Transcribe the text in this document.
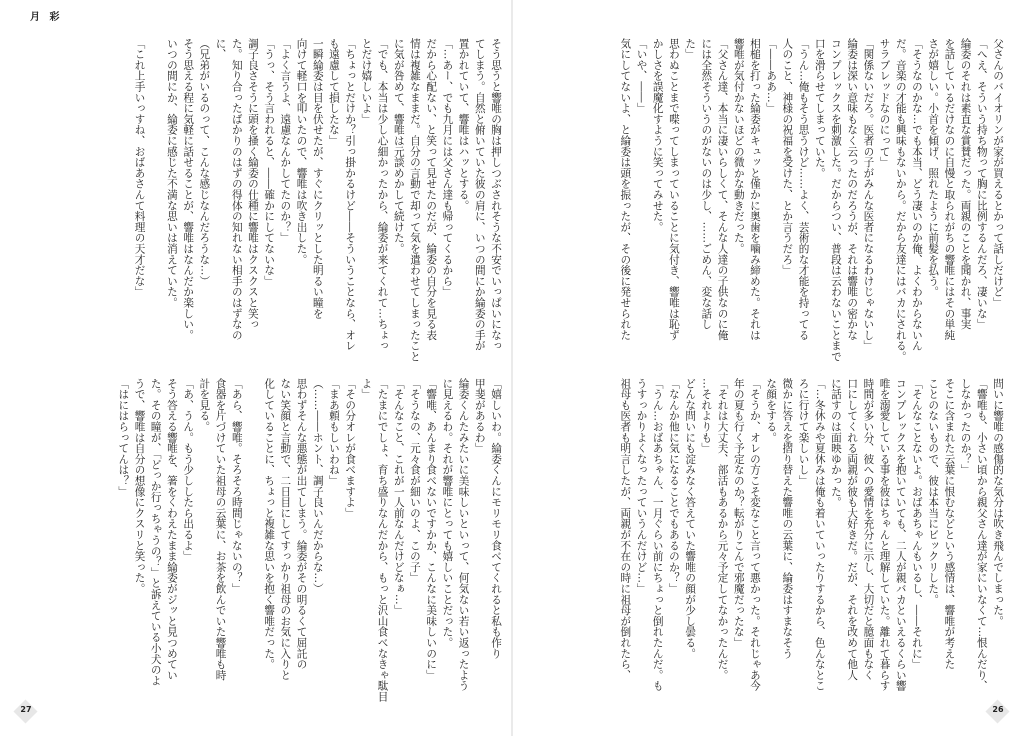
月 彩
父さんのバイオリンが家が買えるとかって話しだけど」
「へえ、そういう持ち物って胸に比例するんだろ、凄いな」
綸委のそれは素直な賞賛だった。両親のことを聞かれ、事実
を話しているだけなのに自慢と取られがちの響唯にはその単純
さが嬉しい。小首を傾げ、照れたように前髪を払う。
「そうなのかな…でも本当、どう凄いのか俺、よくわからないん
だ。音楽の才能も興味もないから。だから友達にはバカにされる。
サラブレッドなのにって」
「関係ないだろ。医者の子がみんな医者になるわけじゃないし」
綸委は深い意味もなく云ったのだろうが、それは響唯の密かな
コンプレックスを刺激した。だからつい、普段は云わないことまで
口を滑らせてしまっていた。
「うん…俺もそう思うけど……よく、芸術的な才能を持ってる
人のこと、神様の祝福を受けた、とか言うだろ」
「――ああ…」
相槌を打った綸委がキュッと僅かに奥歯を噛み締めた。それは
響唯が気付かないほどの微かな動きだった。
「父さん達、本当に凄いらしくて、そんな人達の子供なのに俺
には全然そういうのがないのは少し、……ごめん、変な話し
た」
思わぬことまで喋ってしまっていることに気付き、響唯は恥ず
かしさを誤魔化すように笑ってみせた。
「いや、――」
気にしてないよ、と綸委は頭を振ったが、その後に発せられた
問いに響唯の感傷的な気分は吹き飛んでしまった。
「響唯も、小さい頃から親父さん達が家にいなくて…恨んだり、
しなかったのか？」
そこに含まれた云葉に恨むなどという感情は、響唯が考えた
ことのないもので、彼は本当にビックリした。
「そんなことないよ。おばあちゃんもいるし、――それに」
コンプレックスを抱いていても、二人が親バカといえるくらい響
唯を溺愛している事を彼はちゃんと理解していた。離れて暮らす
時間が多い分、彼への愛情を充分に示し、大切だと臆面もなく
口にしてくれる両親が彼も大好きだ。だが、それを改めて他人
に話すのは面映ゆかった。
「…冬休みや夏休みは俺も着いていったりするから、色んなとこ
ろに行けて楽しいし」
微かに答えを摺り替えた響唯の云葉に、綸委はすまなそう
な顔をする。
「そうか、オレの方こそ変なこと言って悪かった。それじゃあ今
年の夏も行く予定なのか？転がりこんで邪魔だったな」
「それは大丈夫、部活もあるから元々予定してなかったんだ。
…それよりも」
どんな問いにも淀みなく答えていた響唯の顔が少し曇る。
「なんか他に気になることでもあるのか？」
「うん…おばあちゃん、一月ぐらい前にちょっと倒れたんだ。も
うすっかりよくなったっていうんだけど…」
祖母も医者も明言したが、両親が不在の時に祖母が倒れたら、
そう思うと響唯の胸は押しつぶされそうな不安でいっぱいになっ
てしまう。自然と俯いていた彼の肩に、いつの間にか綸委の手が
置かれていて、響唯はハッとする。
「…あー、でも九月には父さん達も帰ってくるから」
だから心配ない、と笑って見せたのだが、綸委の自分を見る表
情は複雑なままだ。自分の言動で却って気を遣わせてしまったこと
に気が咎めて、響唯は元談めかして続けた。
「でも、本当は少し心細かったから、綸委が来てくれて…ちょっ
とだけ嬉しいよ」
「ちょっとだけか？引っ掛かるけど――そういうことなら、オレ
も遠慮して損したな」
一瞬綸委は目を伏せたが、すぐにクリッとした明るい瞳を
向けて軽口を叩いたので、響唯は吹き出した。
「よく言うよ、遠慮なんかしてたのか？」
「うっ、そう言われると、――確かにしてないな」
調子良さそうに頭を掻く綸委の仕種に響唯はクスクスと笑っ
た。知り合ったばかりのはずの得体の知れない相手のはずなの
に、
（兄弟がいるのって、こんな感じなんだろうな…）
そう思える程に気軽に話せることが、響唯はなんだか楽しい。
いつの間にか、綸委に感じた不満な思いは消えていた。

「これ上手いっすね、おばあさんて料理の天才だな」
「嬉しいわ。綸委くんにモリモリ食べてくれると私も作り
甲斐があるわ」
綸委くんたみたいに美味しいといって、何気ない若い返ったよう
に見えるわ。それが響唯にとっても嬉しいことだった。
「響唯、あんまり食べないですかか、こんなに美味しいのに」
「そうなの、元々食が細いのよ、この子」
「そんなこと、これが一人前なんだけどなぁ…」
「たまにでしょ、育ち盛りなんだから、もっと沢山食べなきゃ駄目
よ」
「その分オレが食べますよ」
「まあ頼もしいわね」
（……――ホント、調子良いんだからな…）
思わずそんな悪態が出てしまう。綸委がその明るくて屈託の
ない笑顔と言動で、二日目にしてすっかり祖母のお気に入りと
化していることに、ちょっと複雑な思いを抱く響唯だった。

「あら、響唯。そろそろ時間じゃないの？」
食器を片づけていた祖母の云葉に、お茶を飲んでいた響唯も時
計を見る。
「あ、うん。もう少ししたら出るよ」
そう答える響唯を、箸をくわえたまま綸委がジッと見つめてい
た。その瞳が、「どっか行っちゃうの？」と訴えている小犬のよ
うで、響唯は自分の想像にクスリと笑った。
「はにはらってんは？」
27	26
